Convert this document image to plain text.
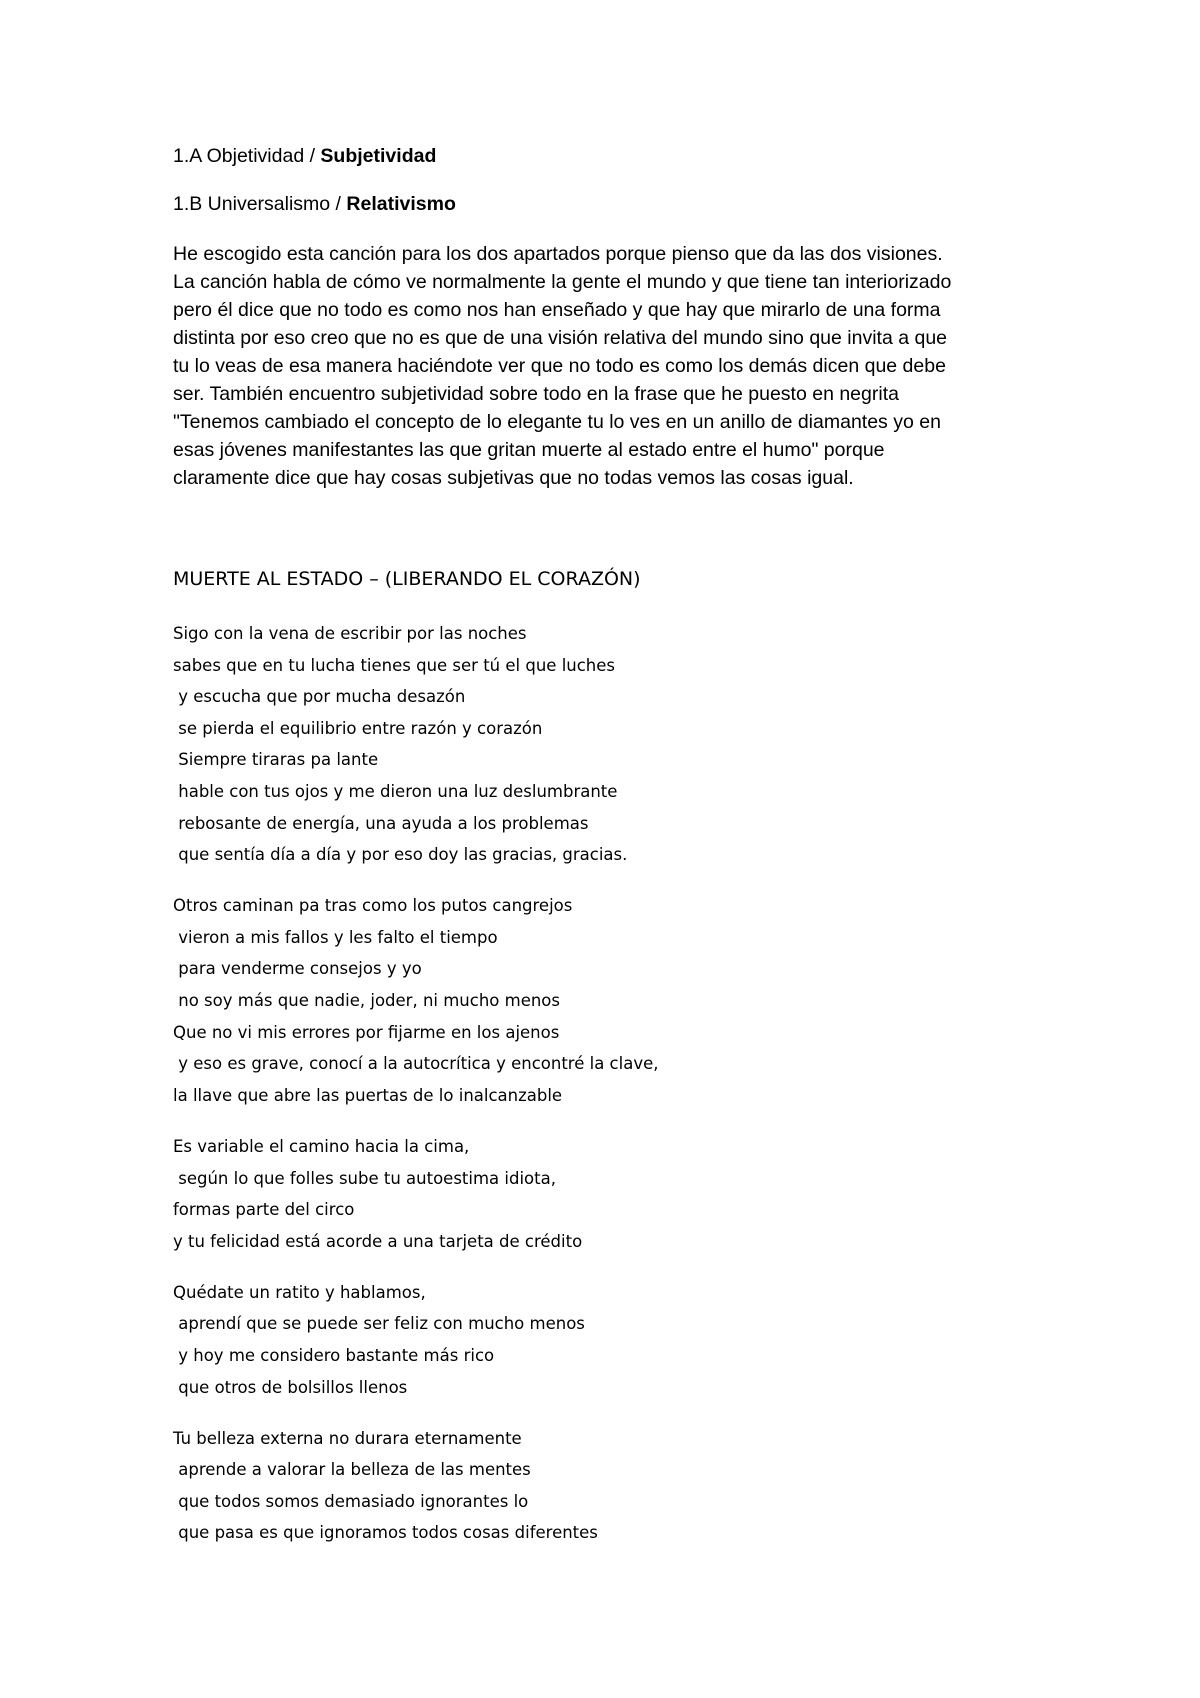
1.A Objetividad / Subjetividad
1.B Universalismo / Relativismo
He escogido esta canción para los dos apartados porque pienso que da las dos visiones.
La canción habla de cómo ve normalmente la gente el mundo y que tiene tan interiorizado
pero él dice que no todo es como nos han enseñado y que hay que mirarlo de una forma
distinta por eso creo que no es que de una visión relativa del mundo sino que invita a que
tu lo veas de esa manera haciéndote ver que no todo es como los demás dicen que debe
ser. También encuentro subjetividad sobre todo en la frase que he puesto en negrita
"Tenemos cambiado el concepto de lo elegante tu lo ves en un anillo de diamantes yo en
esas jóvenes manifestantes las que gritan muerte al estado entre el humo" porque
claramente dice que hay cosas subjetivas que no todas vemos las cosas igual.
MUERTE AL ESTADO – (LIBERANDO EL CORAZÓN)
Sigo con la vena de escribir por las noches
sabes que en tu lucha tienes que ser tú el que luches
y escucha que por mucha desazón
se pierda el equilibrio entre razón y corazón
Siempre tiraras pa lante
hable con tus ojos y me dieron una luz deslumbrante
rebosante de energía, una ayuda a los problemas
que sentía día a día y por eso doy las gracias, gracias.
Otros caminan pa tras como los putos cangrejos
vieron a mis fallos y les falto el tiempo
para venderme consejos y yo
no soy más que nadie, joder, ni mucho menos
Que no vi mis errores por fijarme en los ajenos
y eso es grave, conocí a la autocrítica y encontré la clave,
la llave que abre las puertas de lo inalcanzable
Es variable el camino hacia la cima,
según lo que folles sube tu autoestima idiota,
formas parte del circo
y tu felicidad está acorde a una tarjeta de crédito
Quédate un ratito y hablamos,
aprendí que se puede ser feliz con mucho menos
y hoy me considero bastante más rico
que otros de bolsillos llenos
Tu belleza externa no durara eternamente
aprende a valorar la belleza de las mentes
que todos somos demasiado ignorantes lo
que pasa es que ignoramos todos cosas diferentes
